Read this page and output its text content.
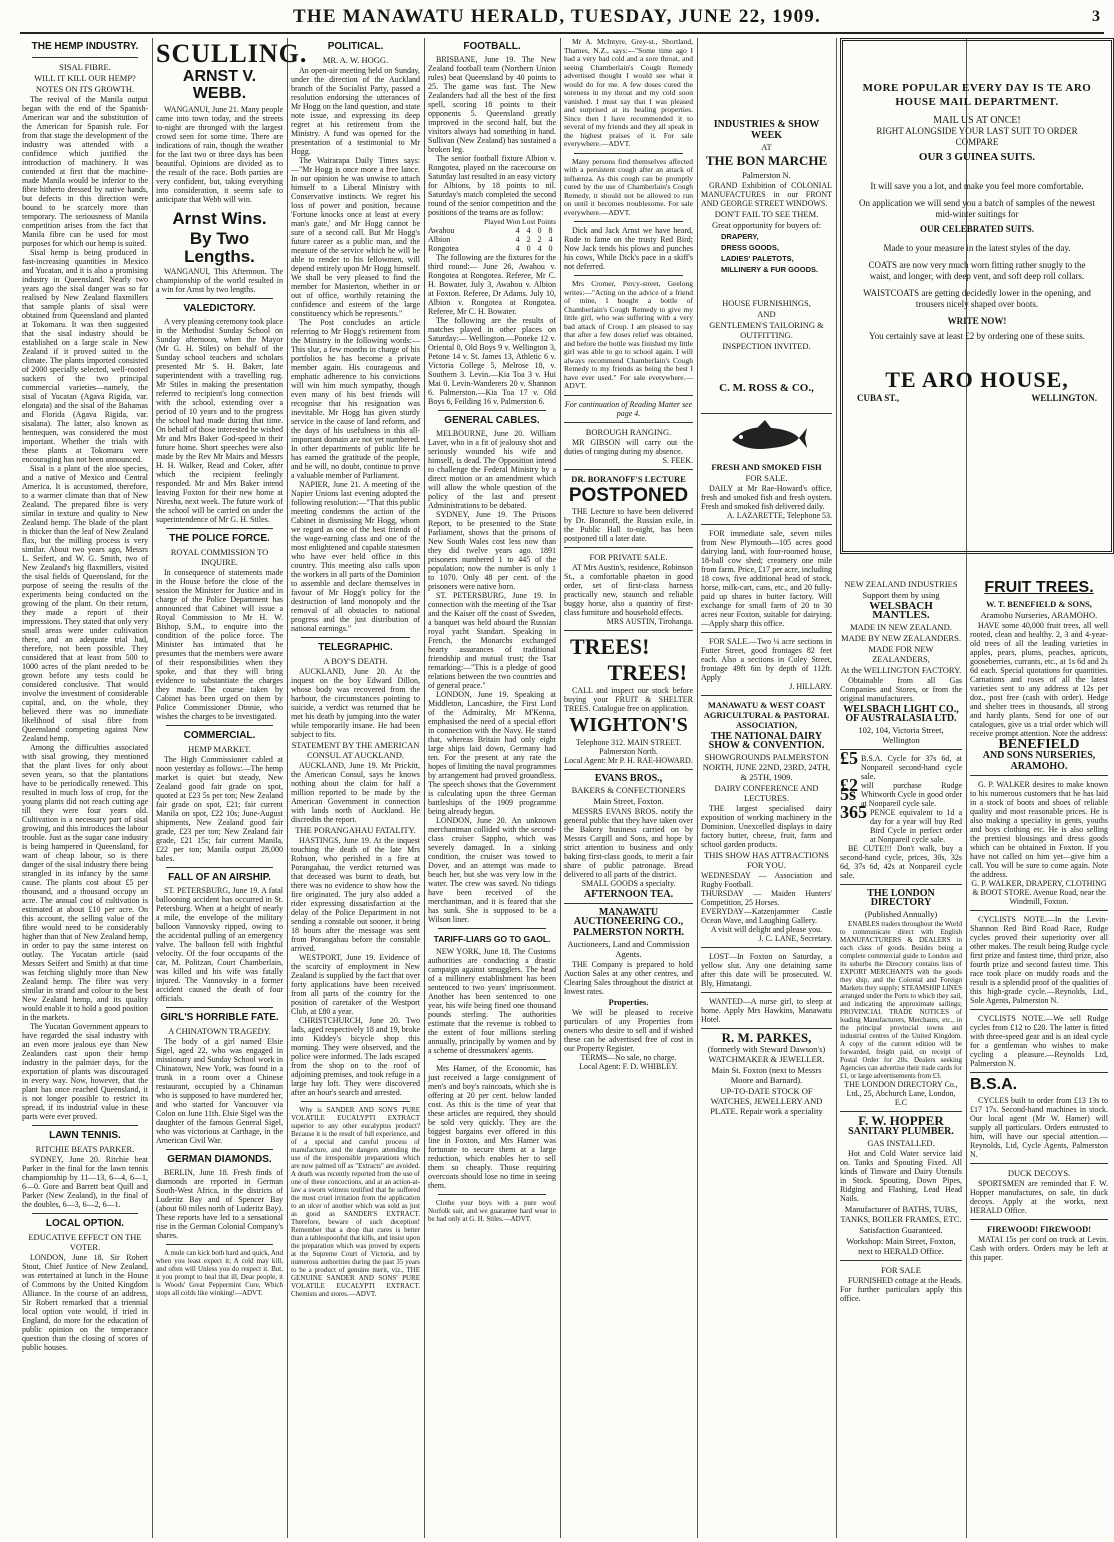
THE MANAWATU HERALD, TUESDAY, JUNE 22, 1909.	3
THE HEMP INDUSTRY.
SISAL FIBRE.
WILL IT KILL OUR HEMP?
NOTES ON ITS GROWTH.

The revival of the Manila output began with the end of the Spanish-American war and the substitution of the American for Spanish rule. For from that stage the development of the industry was attended with a confidence which justified the introduction of machinery. It was contended at first that the machine-made Manila would be inferior to the fibre hitherto dressed by native hands, but defects in this direction were bound to be scarcely more than temporary. The seriousness of Manila competition arises from the fact that Manila fibre can be used for most purposes for which our hemp is suited.

Sisal hemp is being produced in fast-increasing quantities in Mexico and Yucatan, and it is also a promising industry in Queensland. Nearly two years ago the sisal danger was so far realised by New Zealand flaxmillers that sample plants of sisal were obtained from Queensland and planted at Tokomaru. It was then suggested that the sisal industry should be established on a large scale in New Zealand if it proved suited to the climate. The plants imported consisted of 2000 specially selected, well-rooted suckers of the two principal commercial varieties—namely, the sisal of Yucatan (Agava Rigida, var. elongata) and the sisal of the Bahamas and Florida (Agava Rigida, var. sisalana). The latter, also known as hennequen, was considered the most important. Whether the trials with these plants at Tokomaru were encouraging has not been announced.

Sisal is a plant of the aloe species, and a native of Mexico and Central America. It is accustomed, therefore, to a warmer climate than that of New Zealand. The prepared fibre is very similar in texture and quality to New Zealand hemp. The blade of the plant is thicker than the leaf of New Zealand flax, but the milling process is very similar. About two years ago, Messrs L. Seifert, and W. G. Smith, two of New Zealand's big flaxmillers, visited the sisal fields of Queensland, for the purpose of seeing the results of the experiments being conducted on the growing of the plant. On their return, they made a report of their impressions. They stated that only very small areas were under cultivation there, and an adequate trial had, therefore, not been possible. They considered that at least from 500 to 1000 acres of the plant needed to be grown before any tests could be considered conclusive. That would involve the investment of considerable capital, and, on the whole, they believed there was no immediate likelihood of sisal fibre from Queensland competing against New Zealand hemp.

Among the difficulties associated with sisal growing, they mentioned that the plant lives for only about seven years, so that the plantations have to be periodically renewed. This resulted in much loss of crop, for the young plants did not reach cutting age till they were four years old. Cultivation is a necessary part of sisal growing, and this introduces the labour trouble. Just as the sugar cane industry is being hampered in Queensland, for want of cheap labour, so is there danger of the sisal industry there being strangled in its infancy by the same cause. The plants cost about £5 per thousand, and a thousand occupy an acre. The annual cost of cultivation is estimated at about £10 per acre. On this account, the selling value of the fibre would need to be considerably higher than that of New Zealand hemp, in order to pay the same interest on outlay. The Yucatan article (said Messrs Seifert and Smith) at that time was fetching slightly more than New Zealand hemp. The fibre was very similar in strand and colour to the best New Zealand hemp, and its quality would enable it to hold a good position in the markets.

The Yucatan Government appears to have regarded the sisal industry with an even more jealous eye than New Zealanders cast upon their hemp industry in the palmier days, for the exportation of plants was discouraged in every way. Now, however, that the plant has once reached Queensland, it is not longer possible to restrict its spread, if its industrial value in these parts were ever proved.

LAWN TENNIS.
RITCHIE BEATS PARKER.

SYDNEY, June 20. Ritchie beat Parker in the final for the lawn tennis championship by 11—13, 6—4, 6—1, 6—0. Gore and Barrett beat Quill and Parker (New Zealand), in the final of the doubles, 6—3, 6—2, 6—1.

LOCAL OPTION.
EDUCATIVE EFFECT ON THE VOTER.

LONDON, June 18. Sir Robert Stout, Chief Justice of New Zealand, was entertained at lunch in the House of Commons by the United Kingdom Alliance. In the course of an address, Sir Robert remarked that a triennial local option vote would, if tried in England, do more for the education of public opinion on the temperance question than the closing of scores of public houses.

SCULLING.
ARNST V. WEBB.

WANGANUI, June 21. Many people came into town today, and the streets to-night are thronged with the largest crowd seen for some time. There are indications of rain, though the weather for the last two or three days has been beautiful. Opinions are divided as to the result of the race. Both parties are very confident, but, taking everything into consideration, it seems safe to anticipate that Webb will win.

Arnst Wins.
By Two Lengths.

WANGANUI, This Afternoon. The championship of the world resulted in a win for Arnst by two lengths.

VALEDICTORY.

A very pleasing ceremony took place in the Methodist Sunday School on Sunday afternoon, when the Mayor (Mr G. H. Stiles) on behalf of the Sunday school teachers and scholars presented Mr S. H. Baker, late superintendent with a travelling rug. Mr Stiles in making the presentation referred to recipient's long connection with the school, extending over a period of 10 years and to the progress the school had made during that time. On behalf of those interested he wished Mr and Mrs Baker God-speed in their future home. Short speeches were also made by the Rev Mr Mairs and Messrs H. H. Walker, Read and Coker, after which the recipient feelingly responded. Mr and Mrs Baker intend leaving Foxton for their new home at Niresha, next week. The future work of the school will be carried on under the superintendence of Mr G. H. Stiles.

THE POLICE FORCE.
ROYAL COMMISSION TO INQUIRE.

In consequence of statements made in the House before the close of the session the Minister for Justice and in charge of the Police Department has announced that Cabinet will issue a Royal Commission to Mr H. W. Bishop, S.M., to enquire into the condition of the police force. The Minister has intimated that he presumes that the members were aware of their responsibilities when they spoke, and that they will bring evidence to substantiate the charges they made. The course taken by Cabinet has been urged on them by Police Commissioner Dinnie, who wishes the charges to be investigated.

COMMERCIAL.
HEMP MARKET.

The High Commissioner cabled at noon yesterday as follows:—The hemp market is quiet but steady, New Zealand good fair grade on spot, quoted at £23 5s per ton; New Zealand fair grade on spot, £21; fair current Manila on spot, £22 10s; June-August shipments, New Zealand good fair grade, £23 per ton; New Zealand fair grade, £21 15s; fair current Manila, £22 per ton; Manila output 28,000 bales.

FALL OF AN AIRSHIP.

ST. PETERSBURG, June 19. A fatal ballooning accident has occurred in St. Petersburg. When at a height of nearly a mile, the envelope of the military balloon Vannovsky ripped, owing to the accidental pulling of an emergency valve. The balloon fell with frightful velocity. Of the four occupants of the car, M. Politzan, Court Chamberlain, was killed and his wife was fatally injured. The Vannovsky in a former accident caused the death of four officials.

GIRL'S HORRIBLE FATE.
A CHINATOWN TRAGEDY.

The body of a girl named Elsie Sigel, aged 22, who was engaged in missionary and Sunday School work in Chinatown, New York, was found in a trunk in a room over a Chinese restaurant, occupied by a Chinaman who is supposed to have murdered her, and who started for Vancouver via Colon on June 11th. Elsie Sigel was the daughter of the famous General Sigel, who was victorious at Carthage, in the American Civil War.

GERMAN DIAMONDS.

BERLIN, June 18. Fresh finds of diamonds are reported in German South-West Africa, in the districts of Luderitz Bay and of Spencer Bay (about 60 miles north of Luderitz Bay). These reports have led to a sensational rise in the German Colonial Company's shares.

A mule can kick both hard and quick, And when you least expect it; A cold may kill, and often will Unless you do respect it. But, it you prompt to heal that ill, Dear people, it is Woods' Great Peppermint Cure, Which stops all colds like winking!—ADVT.

POLITICAL.
MR. A. W. HOGG.

An open-air meeting held on Sunday, under the direction of the Auckland branch of the Socialist Party, passed a resolution endorsing the utterances of Mr Hogg on the land question, and state note issue, and expressing its deep regret at his retirement from the Ministry. A fund was opened for the presentation of a testimonial to Mr Hogg.

The Wairarapa Daily Times says:—"Mr Hogg is once more a free lance. In our opinion he was unwise to attach himself to a Liberal Ministry with Conservative instincts. We regret his loss of power and position, because 'Fortune knocks once at least at every man's gate,' and Mr Hogg cannot be sure of a second call. But Mr Hogg's future career as a public man, and the measure of the service which he will be able to render to his fellowmen, will depend entirely upon Mr Hogg himself. We shall be very pleased to find the member for Masterton, whether in or out of office, worthily retaining the confidence and esteem of the large constituency which he represents."

The Post concludes an article referring to Mr Hogg's retirement from the Ministry in the following words:—This slur, a few months in charge of his portfolios he has become a private member again. His courageous and emphatic adherence to his convictions will win him much sympathy, though even many of his best friends will recognise that his resignation was inevitable. Mr Hogg has given sturdy service in the cause of land reform, and the days of his usefulness in this all-important domain are not yet numbered. In other departments of public life he has earned the gratitude of the people, and he will, no doubt, continue to prove a valuable member of Parliament.

NAPIER, June 21. A meeting of the Napier Unions last evening adopted the following resolution:—"That this public meeting condemns the action of the Cabinet in dismissing Mr Hogg, whom we regard as one of the best friends of the wage-earning class and one of the most enlightened and capable statesmen who have ever held office in this country. This meeting also calls upon the workers in all parts of the Dominion to assemble and declare themselves in favour of Mr Hogg's policy for the destruction of land monopoly and the removal of all obstacles to national progress and the just distribution of national earnings."

TELEGRAPHIC.
A BOY'S DEATH.

AUCKLAND, June 20. At the inquest on the boy Edward Dillon, whose body was recovered from the harbour, the circumstances pointing to suicide, a verdict was returned that he met his death by jumping into the water while temporarily insane. He had been subject to fits.

STATEMENT BY THE AMERICAN CONSUL AT AUCKLAND.

AUCKLAND, June 19. Mr Prickitt, the American Consul, says he knows nothing about the claim for half a million reported to be made by the American Government in connection with lands north of Auckland. He discredits the report.

THE PORANGAHAU FATALITY.

HASTINGS, June 19. At the inquest touching the death of the late Mrs Robson, who perished in a fire at Porangahau, the verdict returned was that deceased was burnt to death, but there was no evidence to show how the fire originated. The jury also added a rider expressing dissatisfaction at the delay of the Police Department in not sending a constable out sooner, it being 18 hours after the message was sent from Porangahau before the constable arrived.

WESTPORT, June 19. Evidence of the scarcity of employment in New Zealand is supplied by the fact that over forty applications have been received from all parts of the country for the position of caretaker of the Westport Club, at £80 a year.

CHRISTCHURCH, June 20. Two lads, aged respectively 18 and 19, broke into Kiddey's bicycle shop this morning. They were observed, and the police were informed. The lads escaped from the shop on to the roof of adjoining premises, and took refuge in a large hay loft. They were discovered after an hour's search and arrested.

Why is SANDER AND SON'S PURE VOLATILE EUCALYPTI EXTRACT superior to any other eucalyptus product? Because it is the result of full experience, and of a special and careful process of manufacture, and the dangers attending the use of the irresponsible preparations which are now palmed off as "Extracts" are avoided. A death was recently reported from the use of one of these concoctions, and at an action-at-law a sworn witness testified that he suffered the most cruel irritation from the application to an ulcer of another which was sold as just as good as SANDER'S EXTRACT. Therefore, beware of such deception! Remember that a drop that cures is better than a tablespoonful that kills, and insist upon the preparation which was proved by experts at the Supreme Court of Victoria, and by numerous authorities during the past 35 years to be a product of genuine merit, viz., THE GENUINE SANDER AND SONS' PURE VOLATILE EUCALYPTI EXTRACT. Chemists and stores.—ADVT.

FOOTBALL.

BRISBANE, June 19. The New Zealand football team (Northern Union rules) beat Queensland by 40 points to 25. The game was fast. The New Zealanders had all the best of the first spell, scoring 18 points to their opponents 5. Queensland greatly improved in the second half, but the visitors always had something in hand. Sullivan (New Zealand) has sustained a broken leg.

The senior football fixture Albion v. Rongotea, played on the racecourse on Saturday last resulted in an easy victory for Albions, by 18 points to nil. Saturday's match completed the second round of the senior competition and the positions of the teams are as follow:

Played Won Lost Points
Awahou	4	4	0	8
Albion	4	2	2	4
Rongotea	4	0	4	0

The following are the fixtures for the third round:— June 26, Awahou v. Rongotea at Rongotea. Referee, Mr C. H. Bowater. July 3, Awahou v. Albion at Foxton. Referee, Dr Adams. July 10, Albion v. Rongotea at Rongotea. Referee, Mr C. H. Bowater.

The following are the results of matches played in other places on Saturday:— Wellington.—Poneke 12 v. Oriental 0, Old Boys 9 v. Wellington 3, Petone 14 v. St. James 13, Athletic 6 v. Victoria College 5, Melrose 18, v. Southern 3. Levin.—Kia Toa 3 v. Hui Mai 0. Levin-Wanderers 20 v. Shannon 6. Palmerston.—Kia Toa 17 v. Old Boys 6, Feilding 16 v. Palmerston 6.

GENERAL CABLES.

MELBOURNE, June 20. William Laver, who in a fit of jealousy shot and seriously wounded his wife and himself, is dead. The Opposition intend to challenge the Federal Ministry by a direct motion or an amendment which will allow the whole question of the policy of the last and present Administrations to be debated.

SYDNEY, June 19. The Prisons Report, to be presented to the State Parliament, shows that the prisons of New South Wales cost less now than they did twelve years ago. 1891 prisoners numbered 1 to 445 of the population; now the number is only 1 to 1070. Only 48 per cent. of the prisoners were native born.

ST. PETERSBURG, June 19. In connection with the meeting of the Tsar and the Kaiser off the coast of Sweden, a banquet was held aboard the Russian royal yacht Standart. Speaking in French, the Monarchs exchanged hearty assurances of traditional friendship and mutual trust; the Tsar remarking:—"This is a pledge of good relations between the two countries and of general peace."

LONDON, June 19. Speaking at Middleton, Lancashire, the First Lord of the Admiralty, Mr M'Kenna, emphasised the need of a special effort in connection with the Navy. He stated that, whereas Britain had only eight large ships laid down, Germany had ten. For the present at any rate the hopes of limiting the naval programmes by arrangement had proved groundless. The speech shows that the Government is calculating upon the three German battleships of the 1909 programme being already begun.

LONDON, June 20. An unknown merchantman collided with the second-class cruiser Sappho, which was severely damaged. In a sinking condition, the cruiser was towed to Dover, and an attempt was made to beach her, but she was very low in the water. The crew was saved. No tidings have been received of the merchantman, and it is feared that she has sunk. She is supposed to be a Wilson liner.

TARIFF-LIARS GO TO GAOL.

NEW YORK, June 18. The Customs authorities are conducting a drastic campaign against smugglers. The head of a millinery establishment has been sentenced to two years' imprisonment. Another has been sentenced to one year, his wife being fined one thousand pounds sterling. The authorities estimate that the revenue is robbed to the extent of four millions sterling annually, principally by women and by a scheme of dressmakers' agents.

Mrs Hamer, of the Economic, has just received a large consignment of men's and boy's raincoats, which she is offering at 20 per cent. below landed cost. As this is the time of year that these articles are required, they should be sold very quickly. They are the biggest bargains ever offered in this line in Foxton, and Mrs Hamer was fortunate to secure them at a large reduction, which enables her to sell them so cheaply. Those requiring overcoats should lose no time in seeing them.

Clothe your boys with a pure wool Norfolk suit, and we guarantee hard wear to be had only at G. H. Stiles.—ADVT.

Mr A. McIntyre, Grey-st., Shortland, Thames, N.Z., says:—"Some time ago I had a very bad cold and a sore throat, and seeing Chamberlain's Cough Remedy advertised thought I would see what it would do for me. A few doses cured the soreness in my throat and my cold soon vanished. I must say that I was pleased and surprised at its healing properties. Since then I have recommended it to several of my friends and they all speak in the highest praises of it. For sale everywhere.—ADVT.

Many persons find themselves affected with a persistent cough after an attack of influenza. As this cough can be promptly cured by the use of Chamberlain's Cough Remedy, it should not be allowed to run on until it becomes troublesome. For sale everywhere.—ADVT.

Dick and Jack Arnst we have heard, Rode to fame on the trusty Red Bird; Now Jack tends his plows and punches his cows, While Dick's pace in a skiff's not deferred.

Mrs Cromer, Percy-street, Geelong writes:—"Acting on the advice of a friend of mine, I bought a bottle of Chamberlain's Cough Remedy to give my little girl, who was suffering with a very bad attack of Croup. I am pleased to say that after a few doses relief was obtained, and before the bottle was finished my little girl was able to go to school again. I will always recommend Chamberlain's Cough Remedy to my friends as being the best I have ever used." For sale everywhere.—ADVT.

For continuation of Reading Matter see page 4.
BOROUGH RANGING.

MR GIBSON will carry out the duties of ranging during my absence.

S. FEEK.
DR. BORANOFF'S LECTURE
POSTPONED

THE Lecture to have been delivered by Dr. Boranoff, the Russian exile, in the Public Hall to-night, has been postponed till a later date.

FOR PRIVATE SALE.

AT Mrs Austin's, residence, Robinson St., a comfortable phaeton in good order, set of first-class harness practically new, staunch and reliable buggy horse, also a quantity of first-class furniture and household effects.

MRS AUSTIN, Tirohanga.
TREES!
TREES!

CALL and inspect our stock before buying your FRUIT & SHELTER TREES. Catalogue free on application.

WIGHTON'S
Telephone 312. MAIN STREET. Palmerston North.
Local Agent: Mr P. H. RAE-HOWARD.
EVANS BROS.,
BAKERS & CONFECTIONERS
Main Street, Foxton.

MESSRS EVANS BROS. notify the general public that they have taken over the Bakery business carried on by Messrs Cargill and Sons, and hope by strict attention to business and only baking first-class goods, to merit a fair share of public patronage. Bread delivered to all parts of the district.

SMALL GOODS a specialty.
AFTERNOON TEA.
MANAWATU AUCTIONEERING CO.,
PALMERSTON NORTH.
Auctioneers, Land and Commission Agents.

THE Company is prepared to hold Auction Sales at any other centres, and Clearing Sales throughout the district at lowest rates.

Properties.

We will be pleased to receive particulars of any Properties from owners who desire to sell and if wished these can be advertised free of cost in our Property Register.

TERMS—No sale, no charge.
Local Agent: F. D. WHIBLEY.
INDUSTRIES & SHOW
WEEK
AT
THE BON MARCHE
Palmerston N.

GRAND Exhibition of COLONIAL MANUFACTURES in our FRONT AND GEORGE STREET WINDOWS.

DON'T FAIL TO SEE THEM.
Great opportunity for buyers of:
DRAPERY,
DRESS GOODS,
LADIES' PALETOTS,
MILLINERY & FUR GOODS.
HOUSE FURNISHINGS,
AND
GENTLEMEN'S TAILORING & OUTFITTING.
INSPECTION INVITED.
C. M. ROSS & CO.,
FRESH AND SMOKED FISH
FOR SALE.

DAILY at Mr Rae-Howard's office, fresh and smoked fish and fresh oysters. Fresh and smoked fish delivered daily.

A. LAZARETTE, Telephone 53.

FOR immediate sale, seven miles from New Plymouth—105 acres good dairying land, with four-roomed house, 18-ball cow shed; creamery one mile from farm. Price, £17 per acre, including 18 cows, five additional head of stock, horse, milk-cart, cans, etc., and 20 fully-paid up shares in butter factory. Will exchange for small farm of 20 to 30 acres near Foxton, suitable for dairying.—Apply sharp this office.

FOR SALE.—Two ¼ acre sections in Futter Street, good frontages 82 feet each. Also a sections in Coley Street, frontage 49ft 6in by depth of 112ft. Apply

J. HILLARY.
MANAWATU & WEST COAST AGRICULTURAL & PASTORAL ASSOCIATION,
THE NATIONAL DAIRY SHOW & CONVENTION.
SHOWGROUNDS PALMERSTON NORTH, JUNE 22ND, 23RD, 24TH, & 25TH, 1909.
DAIRY CONFERENCE AND LECTURES.

THE largest specialised dairy exposition of working machinery in the Dominion. Unexcelled displays in dairy factory butter, cheese, fruit, farm and school garden products.

THIS SHOW HAS ATTRACTIONS FOR YOU.
WEDNESDAY — Association and Rugby Football.
THURSDAY — Maiden Hunters' Competition, 25 Horses.
EVERYDAY—Katzenjammer Castle Ocean Wave, and Laughing Gallery.
A visit will delight and please you.
J. C. LANE, Secretary.

LOST—In Foxton on Saturday, a yellow slut. Any one detaining same after this date will be prosecuted. W. Bly, Himatangi.

WANTED—A nurse girl, to sleep at home. Apply Mrs Hawkins, Manawatu Hotel.

R. M. PARKES,
(formerly with Steward Dawson's) WATCHMAKER & JEWELLER.
Main St. Foxton (next to Messrs Moore and Barnard).
UP-TO-DATE STOCK OF WATCHES, JEWELLERY AND PLATE. Repair work a speciality
MORE POPULAR EVERY DAY IS TE ARO HOUSE MAIL DEPARTMENT.
MAIL US AT ONCE!
RIGHT ALONGSIDE YOUR LAST SUIT TO ORDER COMPARE
OUR 3 GUINEA SUITS.
It will save you a lot, and make you feel more comfortable.
On application we will send you a batch of samples of the newest mid-winter suitings for
OUR CELEBRATED SUITS.
Made to your measure in the latest styles of the day.
COATS are now very much worn fitting rather snugly to the waist, and longer, with deep vent, and soft deep roll collars.
WAISTCOATS are getting decidedly lower in the opening, and trousers nicely shaped over boots.
WRITE NOW!
You certainly save at least £2 by ordering one of these suits.
TE ARO HOUSE,
CUBA ST.,	WELLINGTON.
NEW ZEALAND INDUSTRIES
Support them by using
WELSBACH MANTLES.
MADE IN NEW ZEALAND.
MADE BY NEW ZEALANDERS.
MADE FOR NEW ZEALANDERS,
At the WELLINGTON FACTORY.

Obtainable from all Gas Companies and Stores, or from the original manufacturers.

WELSBACH LIGHT CO., OF AUSTRALASIA LTD.
102, 104, Victoria Street, Wellington
£5 B.S.A. Cycle for 37s 6d, at Nonpareil second-hand cycle sale.
£2 5s will purchase Rudge Whitworth Cycle in good order at Nonpareil cycle sale.
365 PENCE equivalent to 1d a day for a year will buy Red Bird Cycle in perfect order at Nonpareil cycle sale.

BE CUTE!!! Don't walk, buy a second-hand cycle, prices, 30s, 32s 6d, 37s 6d, 42s at Nonpareil cycle sale.

THE LONDON DIRECTORY
(Published Annually)

ENABLES traders throughout the World to communicate direct with English MANUFACTURERS & DEALERS in each class of goods. Besides being a complete commercial guide to London and its suburbs the Directory contains lists of EXPORT MERCHANTS with the goods they ship, and the Colonial and Foreign Markets they supply; STEAMSHIP LINES arranged under the Ports to which they sail, and indicating the approximate sailings; PROVINCIAL TRADE NOTICES of leading Manufacturers, Merchants, etc., in the principal provincial towns and industrial centres of the United Kingdom. A copy of the current edition will be forwarded, freight paid, on receipt of Postal Order for 20s. Dealers seeking Agencies can advertise their trade cards for £1, or large advertisements from £3.

THE LONDON DIRECTORY Co., Ltd., 25, Abchurch Lane, London, E.C
F. W. HOPPER
SANITARY PLUMBER.
GAS INSTALLED.

Hot and Cold Water service laid on. Tanks and Spouting Fixed. All kinds of Tinware and Dairy Utensils in Stock. Spouting, Down Pipes, Ridging and Flashing, Lead Head Nails.

Manufacturer of BATHS, TUBS, TANKS, BOILER FRAMES, ETC.
Satisfaction Guaranteed.
Workshop: Main Street, Foxton, next to HERALD Office.
FOR SALE

FURNISHED cottage at the Heads. For further particulars apply this office.

FRUIT TREES.
W. T. BENEFIELD & SONS,
Aramoho Nurseries, ARAMOHO.

HAVE some 40,000 fruit trees, all well rooted, clean and healthy. 2, 3 and 4-year-old trees of all the leading varieties in apples, pears, plums, peaches, apricots, gooseberries, currants, etc., at 1s 6d and 2s 6d each. Special quotations for quantities. Carnations and roses of all the latest varieties sent to any address at 12s per doz., post free (cash with order). Hedge and shelter trees in thousands, all strong and hardy plants. Send for one of our catalogues, give us a trial order which will receive prompt attention. Note the address:

BENEFIELD
AND SONS NURSERIES,
ARAMOHO.

G. P. WALKER desires to make known to his numerous customers that he has laid in a stock of boots and shoes of reliable quality and most reasonable prices. He is also making a speciality in gents, youths and boys clothing etc. He is also selling the prettiest blousings and dress goods which can be obtained in Foxton. If you have not called on him yet—give him a call. You will be sure to come again. Note the address.

G. P. WALKER, DRAPERY, CLOTHING & BOOT STORE. Avenue Road, near the Windmill, Foxton.

CYCLISTS NOTE.—In the Levin-Shannon Red Bird Road Race, Rudge cycles proved their superiority over all other makes. The result being Rudge cycle first prize and fastest time, third prize, also fourth prize and second fastest time. This race took place on muddy roads and the result is a splendid proof of the qualities of this high-grade cycle.—Reynolds, Ltd., Sole Agents, Palmerston N.

CYCLISTS NOTE.—We sell Rudge cycles from £12 to £20. The latter is fitted with three-speed gear and is an ideal cycle for a gentleman who wishes to make cycling a pleasure.—Reynolds Ltd, Palmerston N.

B.S.A.

CYCLES built to order from £13 13s to £17 17s. Second-hand machines in stock. Our local agent (Mr W. Hamer) will supply all particulars. Orders entrusted to him, will have our special attention.—Reynolds, Ltd, Cycle Agents, Palmerston N.

DUCK DECOYS.

SPORTSMEN are reminded that F. W. Hopper manufactures, on sale, tin duck decoys. Apply at the works, next HERALD Office.

FIREWOOD! FIREWOOD!

MATAI 15s per cord on truck at Levin. Cash with orders. Orders may be left at this paper.
